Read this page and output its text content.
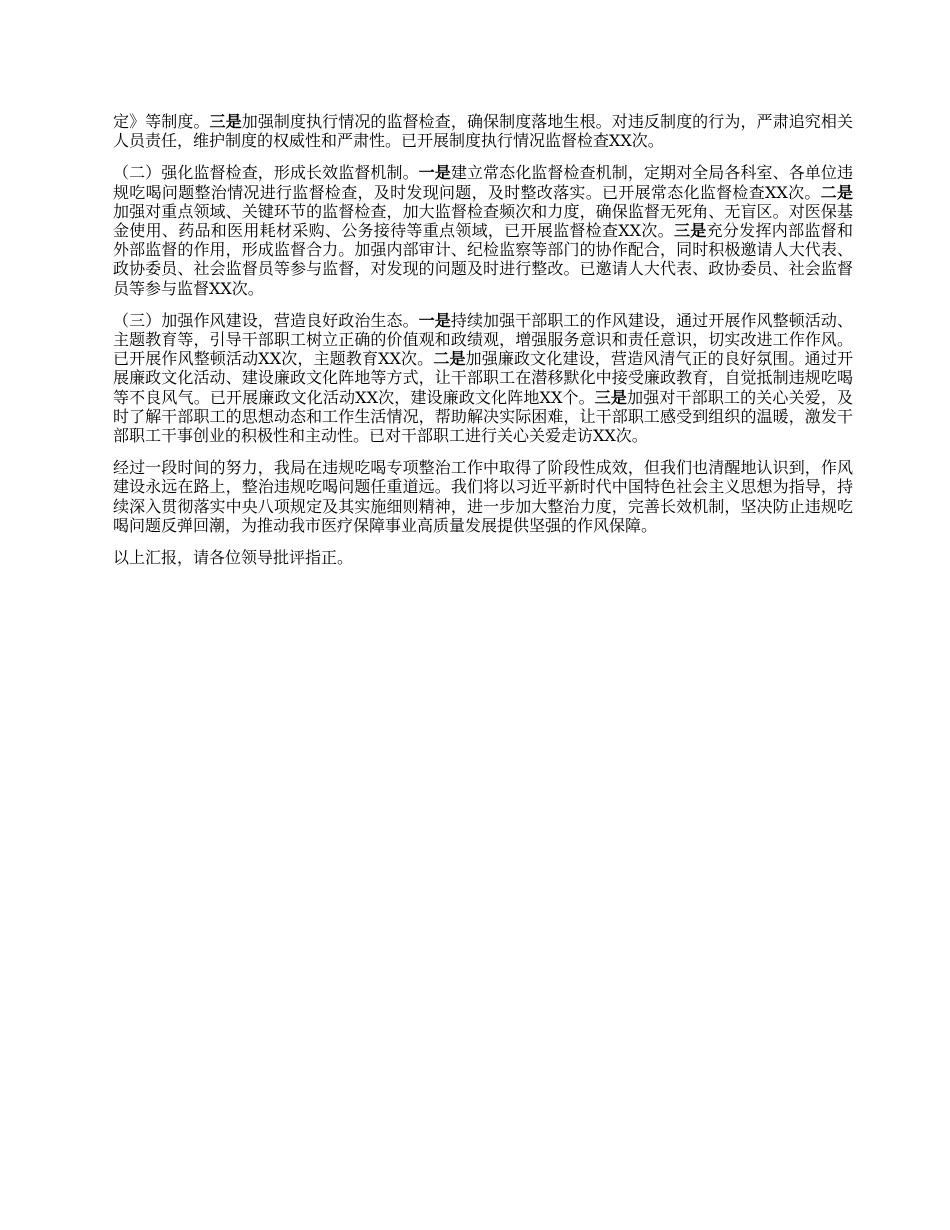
定》等制度。三是加强制度执行情况的监督检查，确保制度落地生根。对违反制度的行为，严肃追究相关人员责任，维护制度的权威性和严肃性。已开展制度执行情况监督检查XX次。

（二）强化监督检查，形成长效监督机制。一是建立常态化监督检查机制，定期对全局各科室、各单位违规吃喝问题整治情况进行监督检查，及时发现问题，及时整改落实。已开展常态化监督检查XX次。二是加强对重点领域、关键环节的监督检查，加大监督检查频次和力度，确保监督无死角、无盲区。对医保基金使用、药品和医用耗材采购、公务接待等重点领域，已开展监督检查XX次。三是充分发挥内部监督和外部监督的作用，形成监督合力。加强内部审计、纪检监察等部门的协作配合，同时积极邀请人大代表、政协委员、社会监督员等参与监督，对发现的问题及时进行整改。已邀请人大代表、政协委员、社会监督员等参与监督XX次。

（三）加强作风建设，营造良好政治生态。一是持续加强干部职工的作风建设，通过开展作风整顿活动、主题教育等，引导干部职工树立正确的价值观和政绩观，增强服务意识和责任意识，切实改进工作作风。已开展作风整顿活动XX次，主题教育XX次。二是加强廉政文化建设，营造风清气正的良好氛围。通过开展廉政文化活动、建设廉政文化阵地等方式，让干部职工在潜移默化中接受廉政教育，自觉抵制违规吃喝等不良风气。已开展廉政文化活动XX次，建设廉政文化阵地XX个。三是加强对干部职工的关心关爱，及时了解干部职工的思想动态和工作生活情况，帮助解决实际困难，让干部职工感受到组织的温暖，激发干部职工干事创业的积极性和主动性。已对干部职工进行关心关爱走访XX次。

经过一段时间的努力，我局在违规吃喝专项整治工作中取得了阶段性成效，但我们也清醒地认识到，作风建设永远在路上，整治违规吃喝问题任重道远。我们将以习近平新时代中国特色社会主义思想为指导，持续深入贯彻落实中央八项规定及其实施细则精神，进一步加大整治力度，完善长效机制，坚决防止违规吃喝问题反弹回潮，为推动我市医疗保障事业高质量发展提供坚强的作风保障。

以上汇报，请各位领导批评指正。
